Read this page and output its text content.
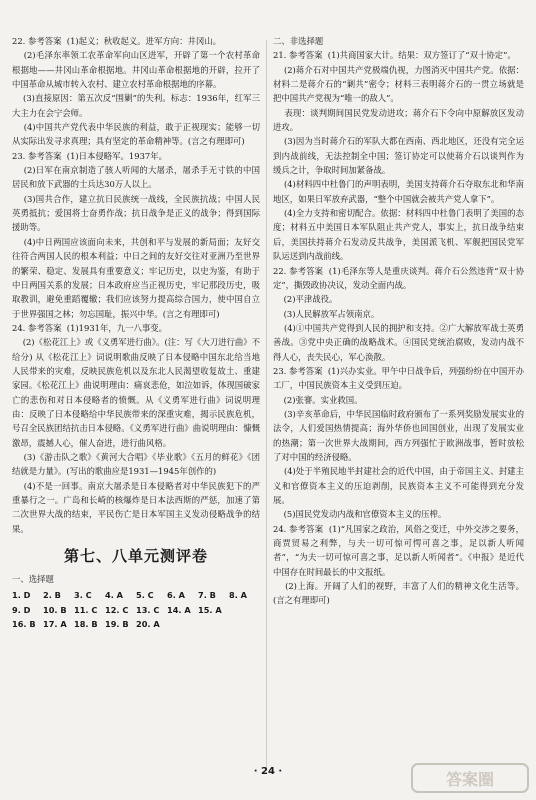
22. 参考答案  (1)起义；秋收起义。进军方向：井冈山。

(2)毛泽东率领工农革命军向山区进军，开辟了第一个农村革命根据地——井冈山革命根据地。井冈山革命根据地的开辟，拉开了中国革命从城市转入农村、建立农村革命根据地的序幕。

(3)直接原因：第五次反“围剿”的失利。标志：1936年，红军三大主力在会宁会师。

(4)中国共产党代表中华民族的利益，敢于正视现实；能够一切从实际出发寻求真理；具有坚定的革命精神等。(言之有理即可)

23. 参考答案  (1)日本侵略军。1937年。

(2)日军在南京制造了骇人听闻的大屠杀，屠杀手无寸铁的中国居民和放下武器的士兵达30万人以上。

(3)国共合作，建立抗日民族统一战线，全民族抗战；中国人民英勇抵抗；爱国将士奋勇作战；抗日战争是正义的战争；得到国际援助等。

(4)中日两国应该面向未来，共创和平与发展的新局面；友好交往符合两国人民的根本利益；中日之间的友好交往对亚洲乃至世界的繁荣、稳定、发展具有重要意义；牢记历史，以史为鉴，有助于中日两国关系的发展；日本政府应当正视历史，牢记那段历史，吸取教训，避免重蹈覆辙；我们应该努力提高综合国力，使中国自立于世界强国之林；勿忘国耻，振兴中华。(言之有理即可)

24. 参考答案  (1)1931年，九一八事变。

(2)《松花江上》或《义勇军进行曲》。(注：写《大刀进行曲》不给分) 从《松花江上》词说明歌曲反映了日本侵略中国东北给当地人民带来的灾难，反映民族危机以及东北人民渴望收复故土、重建家园。《松花江上》曲说明理由：痛哀悲伧，如泣如诉，体现国破家亡的悲伤和对日本侵略者的愤慨。从《义勇军进行曲》词说明理由：反映了日本侵略给中华民族带来的深重灾难，揭示民族危机，号召全民族团结抗击日本侵略。《义勇军进行曲》曲说明理由：慷慨激昂，震撼人心，催人奋进，进行曲风格。

(3)《游击队之歌》《黄河大合唱》《毕业歌》《五月的鲜花》《团结就是力量》。(写出的歌曲应是1931—1945年创作的)

(4)不是一回事。南京大屠杀是日本侵略者对中华民族犯下的严重暴行之一。广岛和长崎的核爆炸是日本法西斯的严惩，加速了第二次世界大战的结束，平民伤亡是日本军国主义发动侵略战争的结果。

第七、八单元测评卷

一、选择题

1. D	2. B	3. C	4. A	5. C	6. A	7. B	8. A
9. D	10. B 11. C 12. C 13. C 14. A 15. A
16. B 17. A 18. B 19. B 20. A

二、非选择题

21. 参考答案  (1)共商国家大计。结果：双方签订了“双十协定”。

(2)蒋介石对中国共产党极端仇视，力图消灭中国共产党。依据：材料二是蒋介石的“剿共”密令；材料三表明蒋介石的一贯立场就是把中国共产党视为“唯一的敌人”。

表现：谈判期间国民党发动进攻；蒋介石下令向中原解放区发动进攻。

(3)因为当时蒋介石的军队大都在西南、西北地区，还没有完全运到内战前线，无法控制全中国；签订协定可以使蒋介石以谈判作为缓兵之计，争取时间加紧备战。

(4)材料四中杜鲁门的声明表明，美国支持蒋介石夺取东北和华南地区，如果日军放弃武器，“整个中国就会被共产党人拿下”。

(4)全力支持和密切配合。依据：材料四中杜鲁门表明了美国的态度；材料五中美国日本军队阻止共产党人，事实上，抗日战争结束后，美国扶持蒋介石发动反共战争，美国派飞机、军舰把国民党军队运送到内战前线。

22. 参考答案  (1)毛泽东等人是重庆谈判。蒋介石公然违背“双十协定”，撕毁政协决议，发动全面内战。

(2)平津战役。

(3)人民解放军占领南京。

(4)①中国共产党得到人民的拥护和支持。②广大解放军战士英勇善战。③党中央正确的战略战术。④国民党统治腐败，发动内战不得人心，丧失民心，军心涣散。

23. 参考答案  (1)兴办实业。甲午中日战争后，列强纷纷在中国开办工厂，中国民族资本主义受到压迫。

(2)张謇。实业救国。

(3)辛亥革命后，中华民国临时政府颁布了一系列奖励发展实业的法令，人们爱国热情提高；海外华侨也回国创业，出现了发展实业的热潮；第一次世界大战期间，西方列强忙于欧洲战事，暂时放松了对中国的经济侵略。

(4)处于半殖民地半封建社会的近代中国，由于帝国主义、封建主义和官僚资本主义的压迫剥削，民族资本主义不可能得到充分发展。

(5)国民党发动内战和官僚资本主义的压榨。

24. 参考答案  (1)“凡国家之政治，风俗之变迁，中外交涉之要务，商贾贸易之利弊，与夫一切可惊可愕可喜之事，足以新人听闻者”，“为夫一切可惊可喜之事，足以新人听闻者”。《申报》是近代中国存在时间最长的中文报纸。

(2)上海。开阔了人们的视野，丰富了人们的精神文化生活等。(言之有理即可)

· 24 ·	答案圈
